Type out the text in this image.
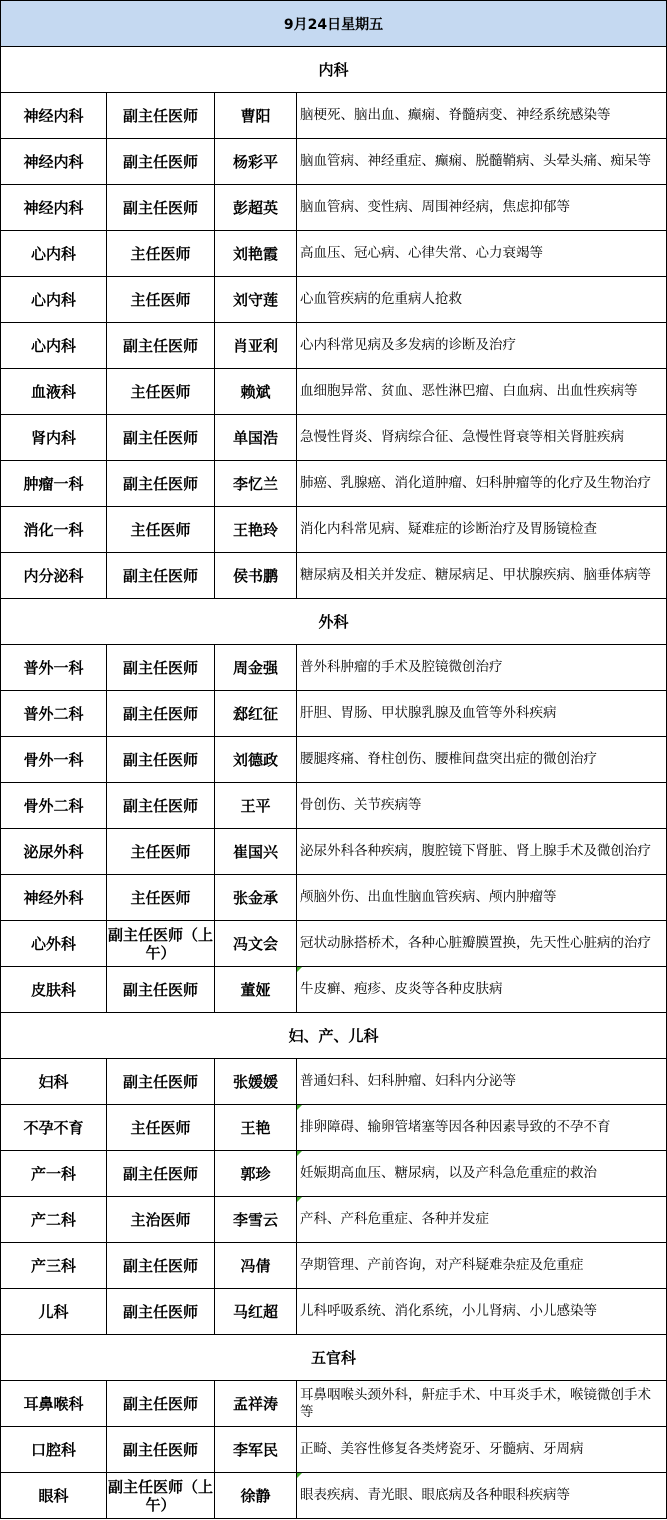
9月24日星期五			
内科			
神经内科	副主任医师	曹阳	脑梗死、脑出血、癫痫、脊髓病变、神经系统感染等
神经内科	副主任医师	杨彩平	脑血管病、神经重症、癫痫、脱髓鞘病、头晕头痛、痴呆等
神经内科	副主任医师	彭超英	脑血管病、变性病、周围神经病，焦虑抑郁等
心内科	主任医师	刘艳霞	高血压、冠心病、心律失常、心力衰竭等
心内科	主任医师	刘守莲	心血管疾病的危重病人抢救
心内科	副主任医师	肖亚利	心内科常见病及多发病的诊断及治疗
血液科	主任医师	赖斌	血细胞异常、贫血、恶性淋巴瘤、白血病、出血性疾病等
肾内科	副主任医师	单国浩	急慢性肾炎、肾病综合征、急慢性肾衰等相关肾脏疾病
肿瘤一科	副主任医师	李忆兰	肺癌、乳腺癌、消化道肿瘤、妇科肿瘤等的化疗及生物治疗
消化一科	主任医师	王艳玲	消化内科常见病、疑难症的诊断治疗及胃肠镜检查
内分泌科	副主任医师	侯书鹏	糖尿病及相关并发症、糖尿病足、甲状腺疾病、脑垂体病等
外科			
普外一科	副主任医师	周金强	普外科肿瘤的手术及腔镜微创治疗
普外二科	副主任医师	郄红征	肝胆、胃肠、甲状腺乳腺及血管等外科疾病
骨外一科	副主任医师	刘德政	腰腿疼痛、脊柱创伤、腰椎间盘突出症的微创治疗
骨外二科	副主任医师	王平	骨创伤、关节疾病等
泌尿外科	主任医师	崔国兴	泌尿外科各种疾病，腹腔镜下肾脏、肾上腺手术及微创治疗
神经外科	主任医师	张金承	颅脑外伤、出血性脑血管疾病、颅内肿瘤等
心外科	副主任医师（上午）	冯文会	冠状动脉搭桥术，各种心脏瓣膜置换，先天性心脏病的治疗
皮肤科	副主任医师	董娅	牛皮癣、疱疹、皮炎等各种皮肤病
妇、产、儿科			
妇科	副主任医师	张媛媛	普通妇科、妇科肿瘤、妇科内分泌等
不孕不育	主任医师	王艳	排卵障碍、输卵管堵塞等因各种因素导致的不孕不育
产一科	副主任医师	郭珍	妊娠期高血压、糖尿病，以及产科急危重症的救治
产二科	主治医师	李雪云	产科、产科危重症、各种并发症
产三科	副主任医师	冯倩	孕期管理、产前咨询，对产科疑难杂症及危重症
儿科	副主任医师	马红超	儿科呼吸系统、消化系统，小儿肾病、小儿感染等
五官科			
耳鼻喉科	副主任医师	孟祥涛	耳鼻咽喉头颈外科，鼾症手术、中耳炎手术，喉镜微创手术等
口腔科	副主任医师	李军民	正畸、美容性修复各类烤瓷牙、牙髓病、牙周病
眼科	副主任医师（上午）	徐静	眼表疾病、青光眼、眼底病及各种眼科疾病等
